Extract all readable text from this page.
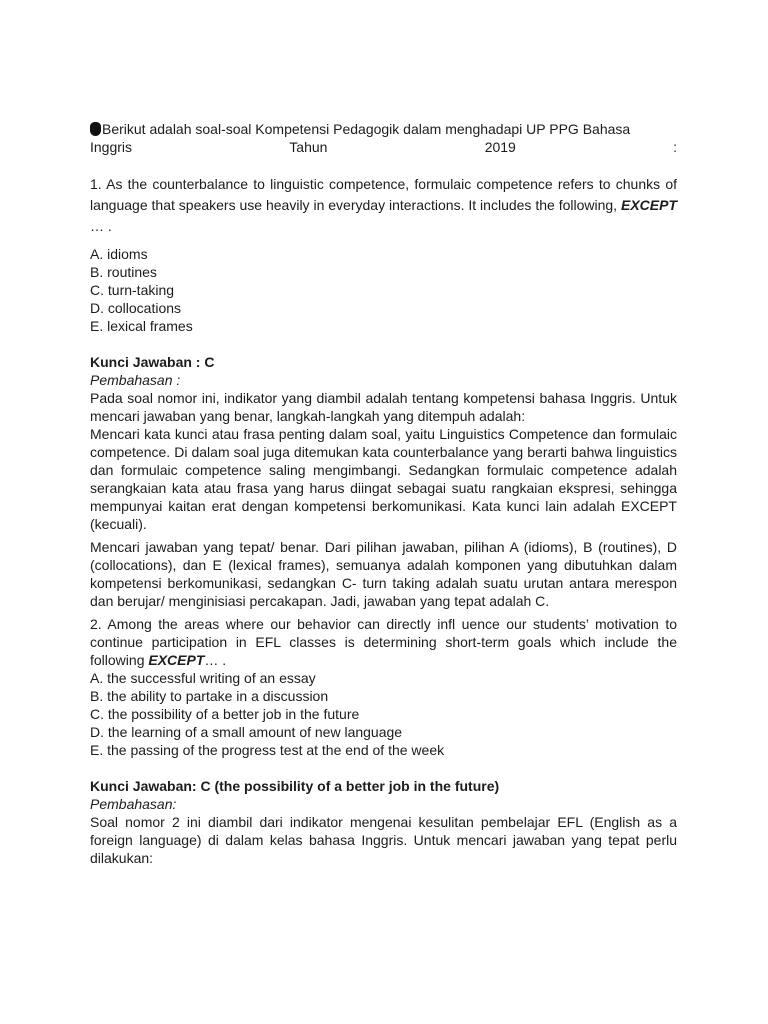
Berikut adalah soal-soal Kompetensi Pedagogik dalam menghadapi UP PPG Bahasa
Inggris	Tahun	2019	:
1. As the counterbalance to linguistic competence, formulaic competence refers to chunks of language that speakers use heavily in everyday interactions. It includes the following, EXCEPT … .
A. idioms
B. routines
C. turn-taking
D. collocations
E. lexical frames
Kunci Jawaban : C
Pembahasan :
Pada soal nomor ini, indikator yang diambil adalah tentang kompetensi bahasa Inggris. Untuk mencari jawaban yang benar, langkah-langkah yang ditempuh adalah:
Mencari kata kunci atau frasa penting dalam soal, yaitu Linguistics Competence dan formulaic competence. Di dalam soal juga ditemukan kata counterbalance yang berarti bahwa linguistics dan formulaic competence saling mengimbangi. Sedangkan formulaic competence adalah serangkaian kata atau frasa yang harus diingat sebagai suatu rangkaian ekspresi, sehingga mempunyai kaitan erat dengan kompetensi berkomunikasi. Kata kunci lain adalah EXCEPT (kecuali).
Mencari jawaban yang tepat/ benar. Dari pilihan jawaban, pilihan A (idioms), B (routines), D (collocations), dan E (lexical frames), semuanya adalah komponen yang dibutuhkan dalam kompetensi berkomunikasi, sedangkan C- turn taking adalah suatu urutan antara merespon dan berujar/ menginisiasi percakapan. Jadi, jawaban yang tepat adalah C.
2. Among the areas where our behavior can directly infl uence our students’ motivation to continue participation in EFL classes is determining short-term goals which include the following EXCEPT… .
A. the successful writing of an essay
B. the ability to partake in a discussion
C. the possibility of a better job in the future
D. the learning of a small amount of new language
E. the passing of the progress test at the end of the week
Kunci Jawaban: C (the possibility of a better job in the future)
Pembahasan:
Soal nomor 2 ini diambil dari indikator mengenai kesulitan pembelajar EFL (English as a foreign language) di dalam kelas bahasa Inggris. Untuk mencari jawaban yang tepat perlu dilakukan:
